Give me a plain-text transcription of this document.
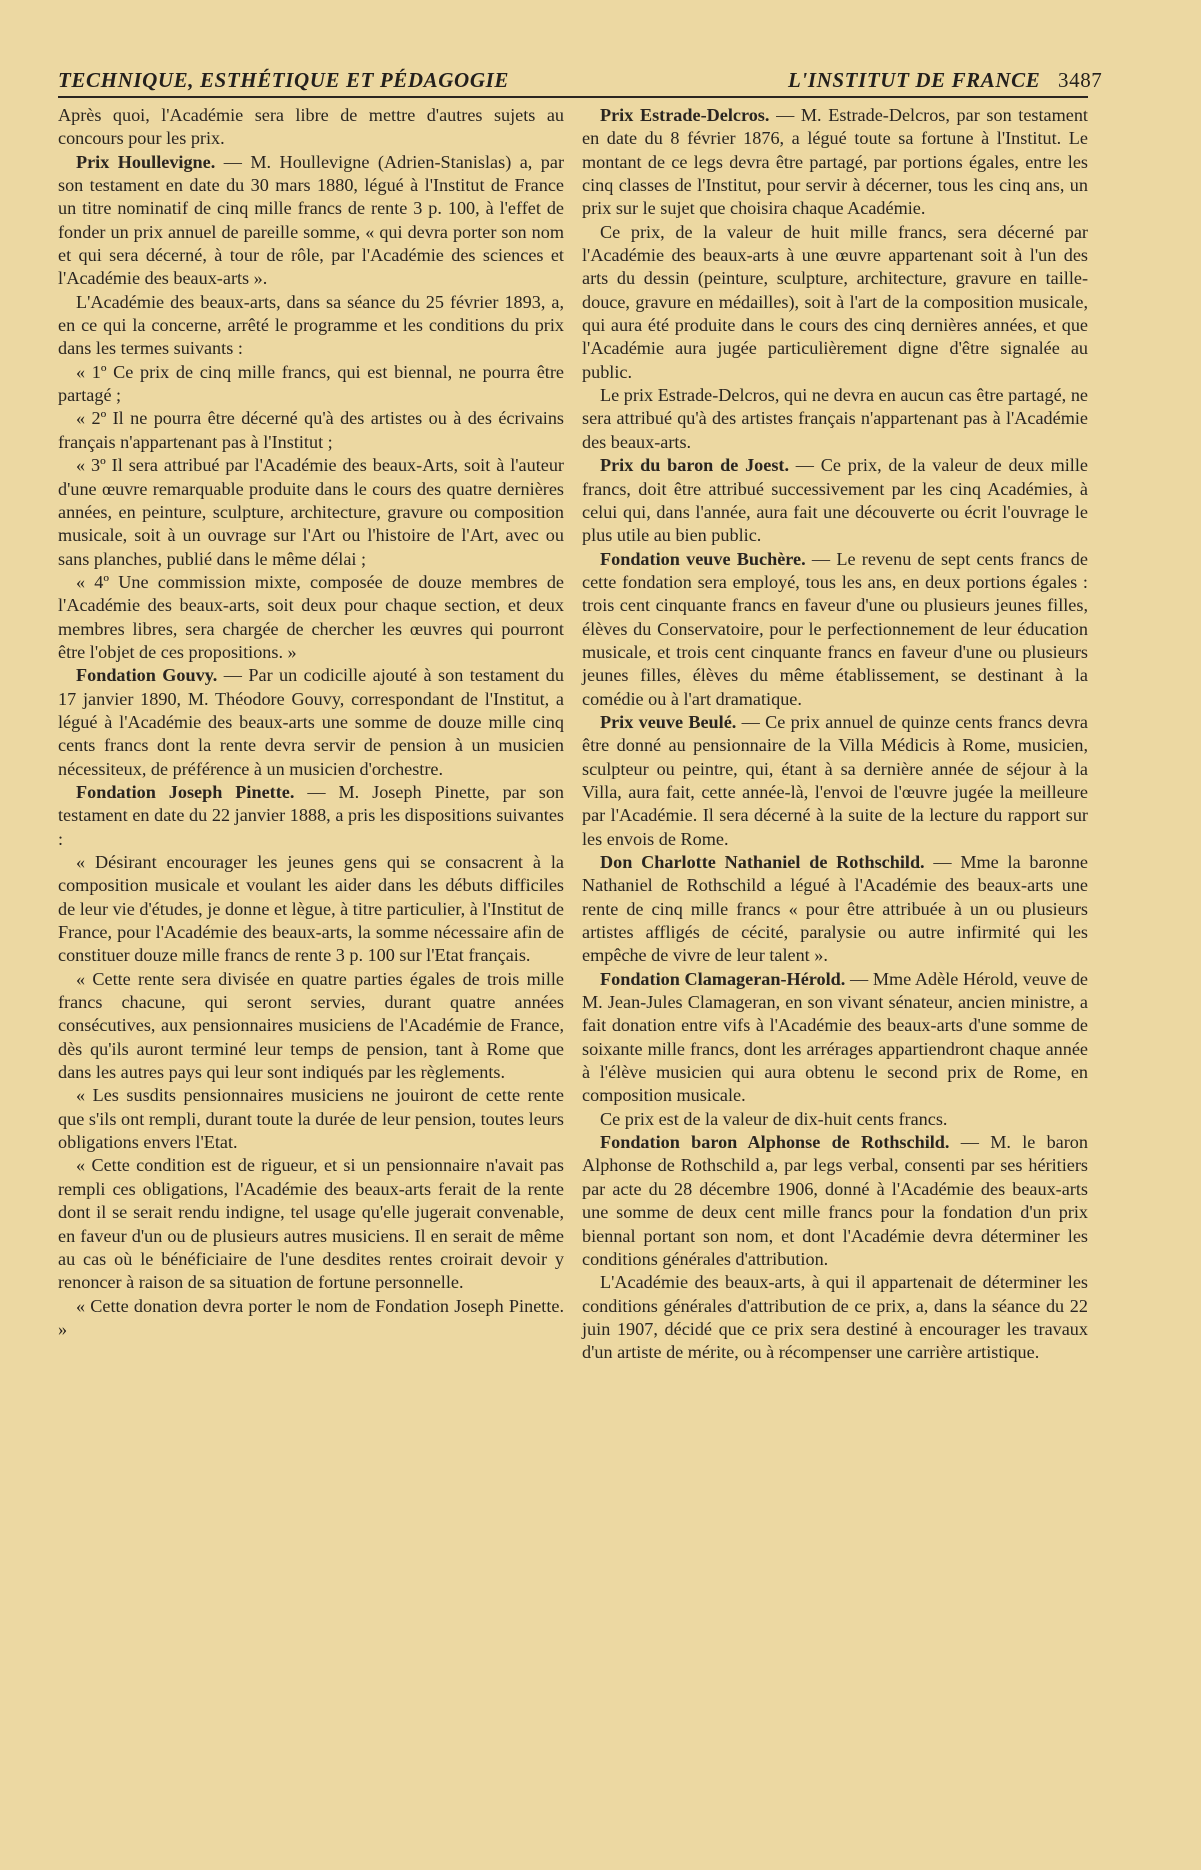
TECHNIQUE, ESTHÉTIQUE ET PÉDAGOGIE	L'INSTITUT DE FRANCE 3487

Après quoi, l'Académie sera libre de mettre d'autres sujets au concours pour les prix.

Prix Houllevigne. — M. Houllevigne (Adrien-Stanislas) a, par son testament en date du 30 mars 1880, légué à l'Institut de France un titre nominatif de cinq mille francs de rente 3 p. 100, à l'effet de fonder un prix annuel de pareille somme, « qui devra porter son nom et qui sera décerné, à tour de rôle, par l'Académie des sciences et l'Académie des beaux-arts ».

L'Académie des beaux-arts, dans sa séance du 25 février 1893, a, en ce qui la concerne, arrêté le programme et les conditions du prix dans les termes suivants :

« 1º Ce prix de cinq mille francs, qui est biennal, ne pourra être partagé ;

« 2º Il ne pourra être décerné qu'à des artistes ou à des écrivains français n'appartenant pas à l'Institut ;

« 3º Il sera attribué par l'Académie des beaux-Arts, soit à l'auteur d'une œuvre remarquable produite dans le cours des quatre dernières années, en peinture, sculpture, architecture, gravure ou composition musicale, soit à un ouvrage sur l'Art ou l'histoire de l'Art, avec ou sans planches, publié dans le même délai ;

« 4º Une commission mixte, composée de douze membres de l'Académie des beaux-arts, soit deux pour chaque section, et deux membres libres, sera chargée de chercher les œuvres qui pourront être l'objet de ces propositions. »

Fondation Gouvy. — Par un codicille ajouté à son testament du 17 janvier 1890, M. Théodore Gouvy, correspondant de l'Institut, a légué à l'Académie des beaux-arts une somme de douze mille cinq cents francs dont la rente devra servir de pension à un musicien nécessiteux, de préférence à un musicien d'orchestre.

Fondation Joseph Pinette. — M. Joseph Pinette, par son testament en date du 22 janvier 1888, a pris les dispositions suivantes :

« Désirant encourager les jeunes gens qui se consacrent à la composition musicale et voulant les aider dans les débuts difficiles de leur vie d'études, je donne et lègue, à titre particulier, à l'Institut de France, pour l'Académie des beaux-arts, la somme nécessaire afin de constituer douze mille francs de rente 3 p. 100 sur l'Etat français.

« Cette rente sera divisée en quatre parties égales de trois mille francs chacune, qui seront servies, durant quatre années consécutives, aux pensionnaires musiciens de l'Académie de France, dès qu'ils auront terminé leur temps de pension, tant à Rome que dans les autres pays qui leur sont indiqués par les règlements.

« Les susdits pensionnaires musiciens ne jouiront de cette rente que s'ils ont rempli, durant toute la durée de leur pension, toutes leurs obligations envers l'Etat.

« Cette condition est de rigueur, et si un pensionnaire n'avait pas rempli ces obligations, l'Académie des beaux-arts ferait de la rente dont il se serait rendu indigne, tel usage qu'elle jugerait convenable, en faveur d'un ou de plusieurs autres musiciens. Il en serait de même au cas où le bénéficiaire de l'une desdites rentes croirait devoir y renoncer à raison de sa situation de fortune personnelle.

« Cette donation devra porter le nom de Fondation Joseph Pinette. »

Prix Estrade-Delcros. — M. Estrade-Delcros, par son testament en date du 8 février 1876, a légué toute sa fortune à l'Institut. Le montant de ce legs devra être partagé, par portions égales, entre les cinq classes de l'Institut, pour servir à décerner, tous les cinq ans, un prix sur le sujet que choisira chaque Académie.

Ce prix, de la valeur de huit mille francs, sera décerné par l'Académie des beaux-arts à une œuvre appartenant soit à l'un des arts du dessin (peinture, sculpture, architecture, gravure en taille-douce, gravure en médailles), soit à l'art de la composition musicale, qui aura été produite dans le cours des cinq dernières années, et que l'Académie aura jugée particulièrement digne d'être signalée au public.

Le prix Estrade-Delcros, qui ne devra en aucun cas être partagé, ne sera attribué qu'à des artistes français n'appartenant pas à l'Académie des beaux-arts.

Prix du baron de Joest. — Ce prix, de la valeur de deux mille francs, doit être attribué successivement par les cinq Académies, à celui qui, dans l'année, aura fait une découverte ou écrit l'ouvrage le plus utile au bien public.

Fondation veuve Buchère. — Le revenu de sept cents francs de cette fondation sera employé, tous les ans, en deux portions égales : trois cent cinquante francs en faveur d'une ou plusieurs jeunes filles, élèves du Conservatoire, pour le perfectionnement de leur éducation musicale, et trois cent cinquante francs en faveur d'une ou plusieurs jeunes filles, élèves du même établissement, se destinant à la comédie ou à l'art dramatique.

Prix veuve Beulé. — Ce prix annuel de quinze cents francs devra être donné au pensionnaire de la Villa Médicis à Rome, musicien, sculpteur ou peintre, qui, étant à sa dernière année de séjour à la Villa, aura fait, cette année-là, l'envoi de l'œuvre jugée la meilleure par l'Académie. Il sera décerné à la suite de la lecture du rapport sur les envois de Rome.

Don Charlotte Nathaniel de Rothschild. — Mme la baronne Nathaniel de Rothschild a légué à l'Académie des beaux-arts une rente de cinq mille francs « pour être attribuée à un ou plusieurs artistes affligés de cécité, paralysie ou autre infirmité qui les empêche de vivre de leur talent ».

Fondation Clamageran-Hérold. — Mme Adèle Hérold, veuve de M. Jean-Jules Clamageran, en son vivant sénateur, ancien ministre, a fait donation entre vifs à l'Académie des beaux-arts d'une somme de soixante mille francs, dont les arrérages appartiendront chaque année à l'élève musicien qui aura obtenu le second prix de Rome, en composition musicale.

Ce prix est de la valeur de dix-huit cents francs.

Fondation baron Alphonse de Rothschild. — M. le baron Alphonse de Rothschild a, par legs verbal, consenti par ses héritiers par acte du 28 décembre 1906, donné à l'Académie des beaux-arts une somme de deux cent mille francs pour la fondation d'un prix biennal portant son nom, et dont l'Académie devra déterminer les conditions générales d'attribution.

L'Académie des beaux-arts, à qui il appartenait de déterminer les conditions générales d'attribution de ce prix, a, dans la séance du 22 juin 1907, décidé que ce prix sera destiné à encourager les travaux d'un artiste de mérite, ou à récompenser une carrière artistique.
